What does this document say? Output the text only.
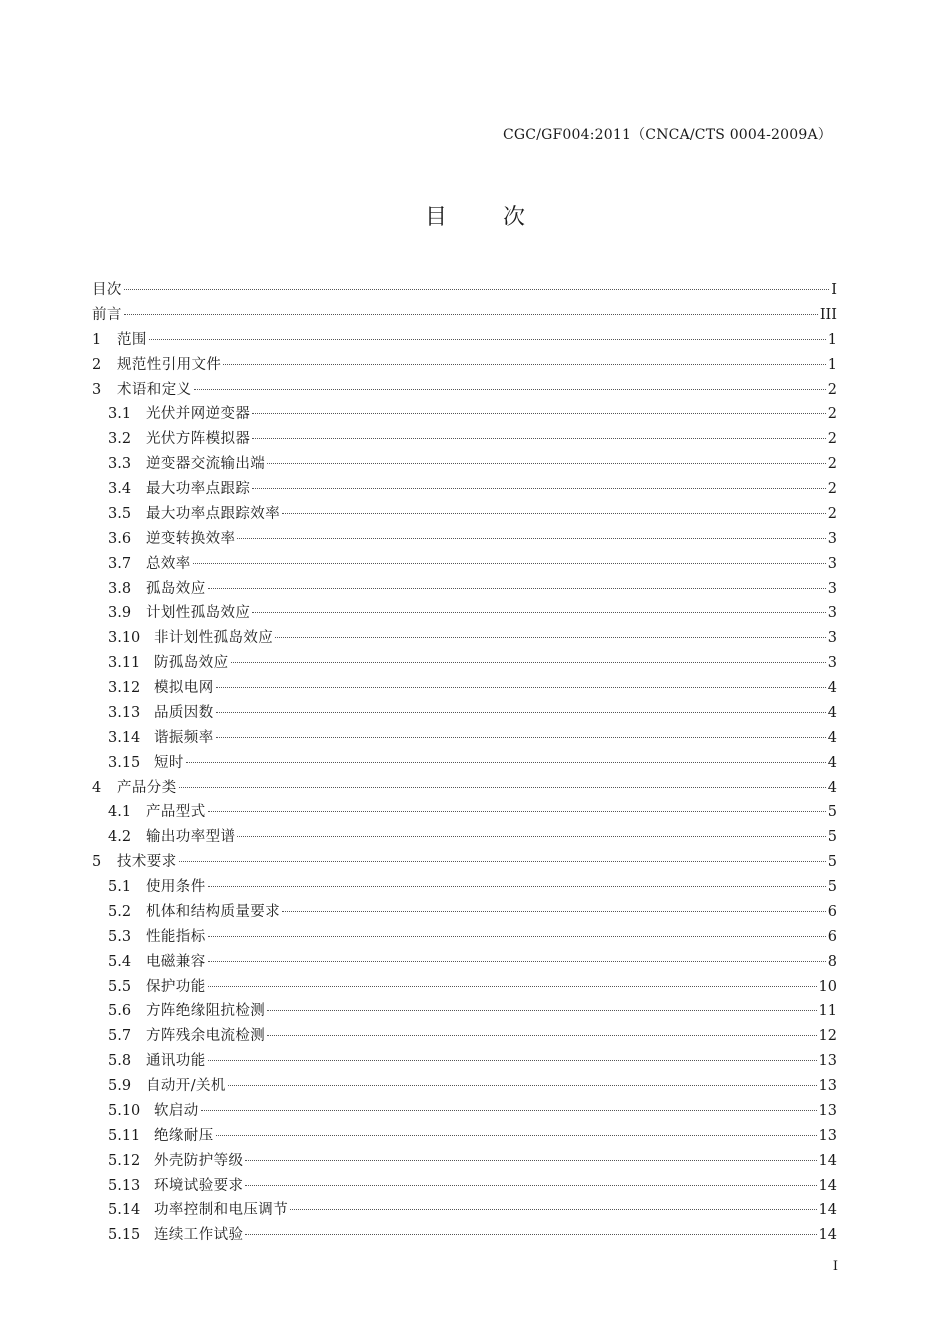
CGC/GF004:2011（CNCA/CTS 0004-2009A）
目	次
目次	I
前言	III
1	范围	1
2	规范性引用文件	1
3	术语和定义	2
3.1	光伏并网逆变器	2
3.2	光伏方阵模拟器	2
3.3	逆变器交流输出端	2
3.4	最大功率点跟踪	2
3.5	最大功率点跟踪效率	2
3.6	逆变转换效率	3
3.7	总效率	3
3.8	孤岛效应	3
3.9	计划性孤岛效应	3
3.10 非计划性孤岛效应	3
3.11 防孤岛效应	3
3.12 模拟电网	4
3.13 品质因数	4
3.14 谐振频率	4
3.15 短时	4
4	产品分类	4
4.1	产品型式	5
4.2	输出功率型谱	5
5	技术要求	5
5.1	使用条件	5
5.2	机体和结构质量要求	6
5.3	性能指标	6
5.4	电磁兼容	8
5.5	保护功能	10
5.6	方阵绝缘阻抗检测	11
5.7	方阵残余电流检测	12
5.8	通讯功能	13
5.9	自动开/关机	13
5.10 软启动	13
5.11 绝缘耐压	13
5.12 外壳防护等级	14
5.13 环境试验要求	14
5.14 功率控制和电压调节	14
5.15 连续工作试验	14
I
